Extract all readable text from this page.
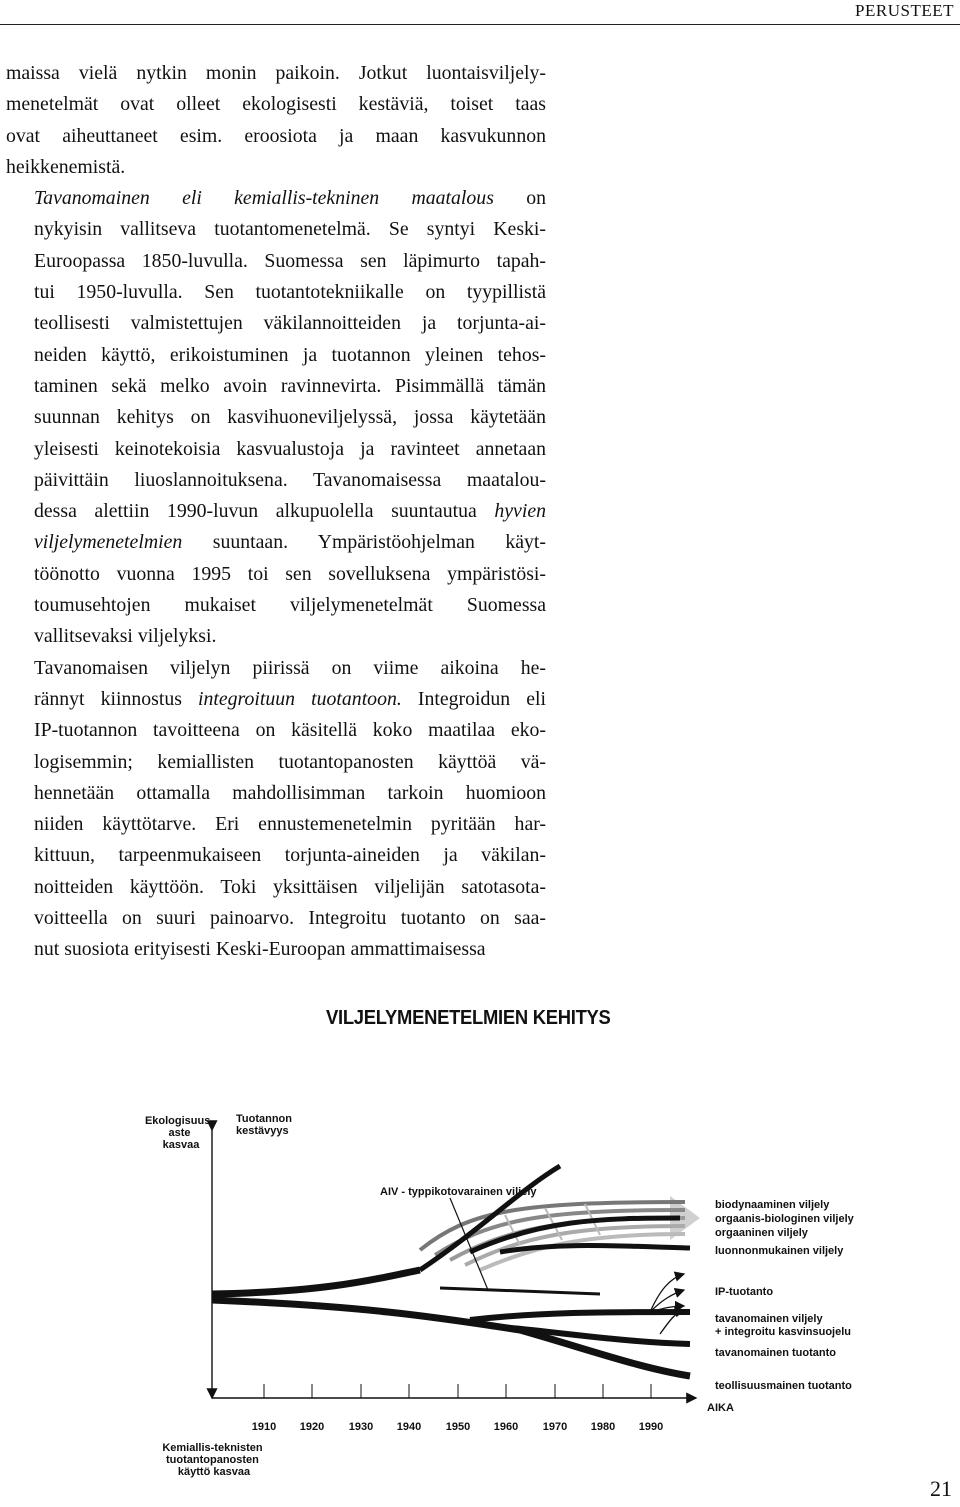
PERUSTEET

maissa vielä nytkin monin paikoin. Jotkut luontaisviljely-
menetelmät ovat olleet ekologisesti kestäviä, toiset taas
ovat aiheuttaneet esim. eroosiota ja maan kasvukunnon
heikkenemistä.

Tavanomainen eli kemiallis-tekninen maatalous on
nykyisin vallitseva tuotantomenetelmä. Se syntyi Keski-
Euroopassa 1850-luvulla. Suomessa sen läpimurto tapah-
tui 1950-luvulla. Sen tuotantotekniikalle on tyypillistä
teollisesti valmistettujen väkilannoitteiden ja torjunta-ai-
neiden käyttö, erikoistuminen ja tuotannon yleinen tehos-
taminen sekä melko avoin ravinnevirta. Pisimmällä tämän
suunnan kehitys on kasvihuoneviljelyssä, jossa käytetään
yleisesti keinotekoisia kasvualustoja ja ravinteet annetaan
päivittäin liuoslannoituksena. Tavanomaisessa maatalou-
dessa alettiin 1990-luvun alkupuolella suuntautua hyvien
viljelymenetelmien suuntaan. Ympäristöohjelman käyt-
töönotto vuonna 1995 toi sen sovelluksena ympäristösi-
toumusehtojen mukaiset viljelymenetelmät Suomessa
vallitsevaksi viljelyksi.

Tavanomaisen viljelyn piirissä on viime aikoina he-
rännyt kiinnostus integroituun tuotantoon. Integroidun eli
IP-tuotannon tavoitteena on käsitellä koko maatilaa eko-
logisemmin; kemiallisten tuotantopanosten käyttöä vä-
hennetään ottamalla mahdollisimman tarkoin huomioon
niiden käyttötarve. Eri ennustemenetelmin pyritään har-
kittuun, tarpeenmukaiseen torjunta-aineiden ja väkilan-
noitteiden käyttöön. Toki yksittäisen viljelijän satotasota-
voitteella on suuri painoarvo. Integroitu tuotanto on saa-
nut suosiota erityisesti Keski-Euroopan ammattimaisessa

VILJELYMENETELMIEN KEHITYS
Ekologisuus- aste kasvaa
Tuotannon kestävyys
Kemiallis-teknisten tuotantopanosten käyttö kasvaa
AIKA
1910 1920 1930 1940 1950 1960 1970 1980 1990
AIV - typpikotovarainen viljely
biodynaaminen viljely
orgaanis-biologinen viljely
orgaaninen viljely
luonnonmukainen viljely
IP-tuotanto
tavanomainen viljely
+ integroitu kasvinsuojelu
tavanomainen tuotanto
teollisuusmainen tuotanto
21
